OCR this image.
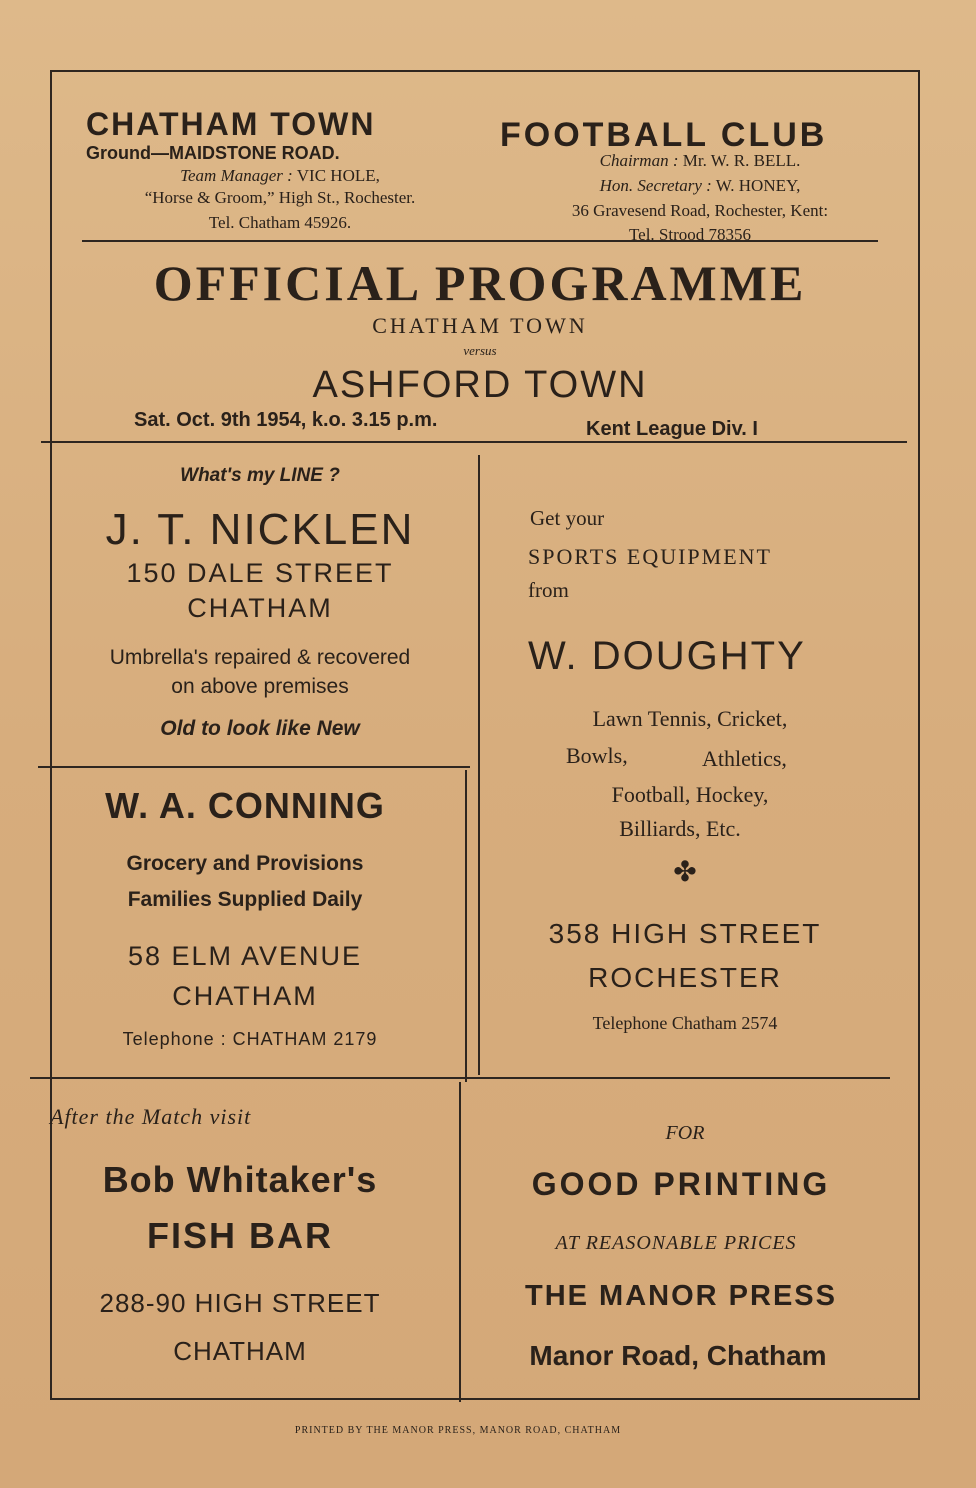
CHATHAM TOWN	FOOTBALL CLUB
Ground—MAIDSTONE ROAD.
Team Manager : VIC HOLE,
“Horse & Groom,” High St., Rochester.
Tel. Chatham 45926.
Chairman : Mr. W. R. BELL.
Hon. Secretary : W. HONEY,
36 Gravesend Road, Rochester, Kent:
Tel. Strood 78356
OFFICIAL PROGRAMME
CHATHAM TOWN
versus
ASHFORD TOWN
Sat. Oct. 9th 1954, k.o. 3.15 p.m.	Kent League Div. I
What's my LINE ?
J. T. NICKLEN
150 DALE STREET
CHATHAM
Umbrella's repaired & recovered
on above premises
Old to look like New
Get your
SPORTS EQUIPMENT
from
W. DOUGHTY
Lawn Tennis, Cricket,
Bowls,	Athletics,
Football, Hockey,
Billiards, Etc.
✤
358 HIGH STREET
ROCHESTER
Telephone Chatham 2574
W. A. CONNING
Grocery and Provisions
Families Supplied Daily
58 ELM AVENUE
CHATHAM
Telephone : CHATHAM 2179
After the Match visit
Bob Whitaker's
FISH BAR
288-90 HIGH STREET
CHATHAM
FOR
GOOD PRINTING
AT REASONABLE PRICES
THE MANOR PRESS
Manor Road, Chatham
PRINTED BY THE MANOR PRESS, MANOR ROAD, CHATHAM
